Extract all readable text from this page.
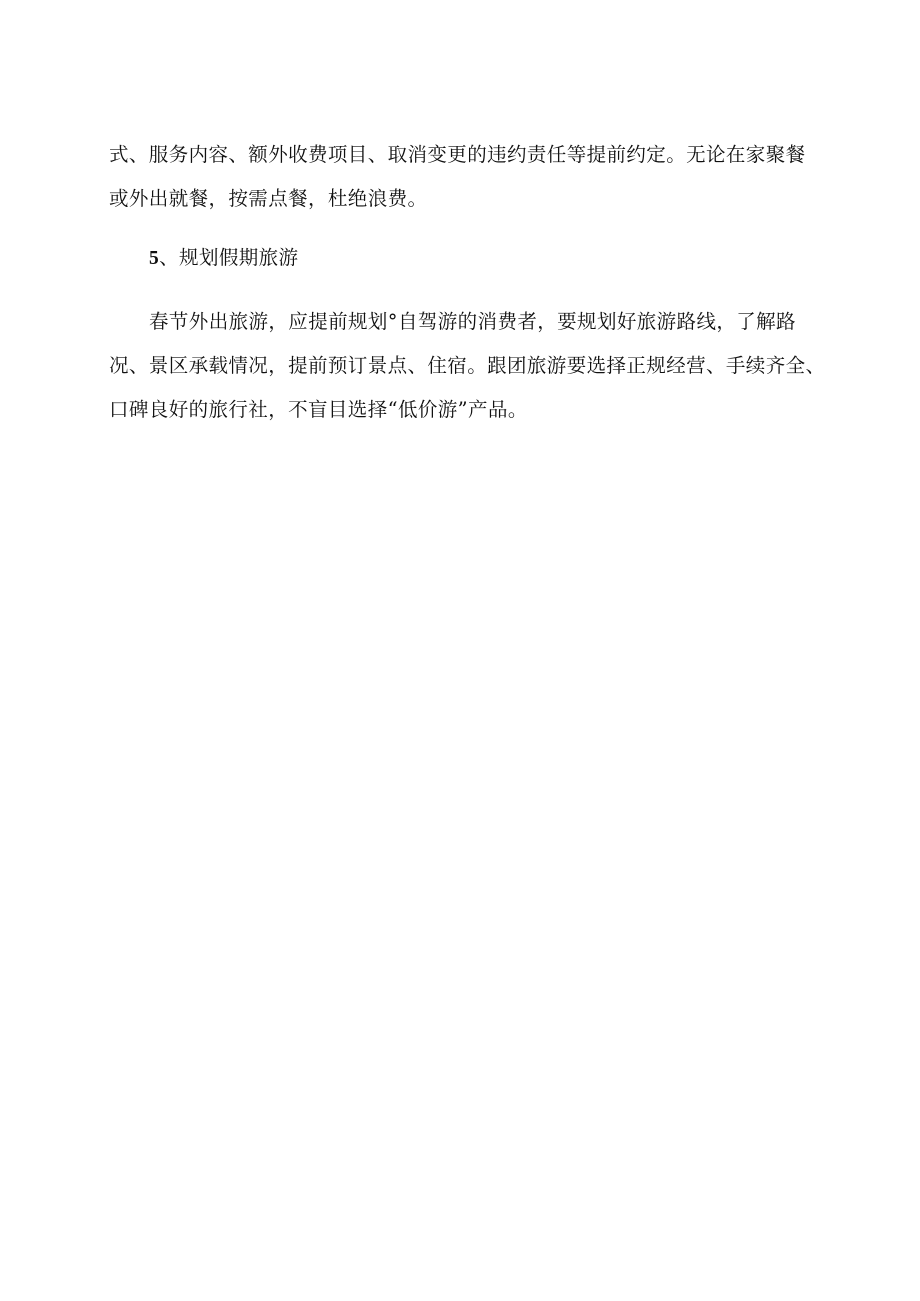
式、服务内容、额外收费项目、取消变更的违约责任等提前约定。无论在家聚餐
或外出就餐，按需点餐，杜绝浪费。
5、规划假期旅游
春节外出旅游，应提前规划°自驾游的消费者，要规划好旅游路线，了解路
况、景区承载情况，提前预订景点、住宿。跟团旅游要选择正规经营、手续齐全、
口碑良好的旅行社，不盲目选择“低价游”产品。
